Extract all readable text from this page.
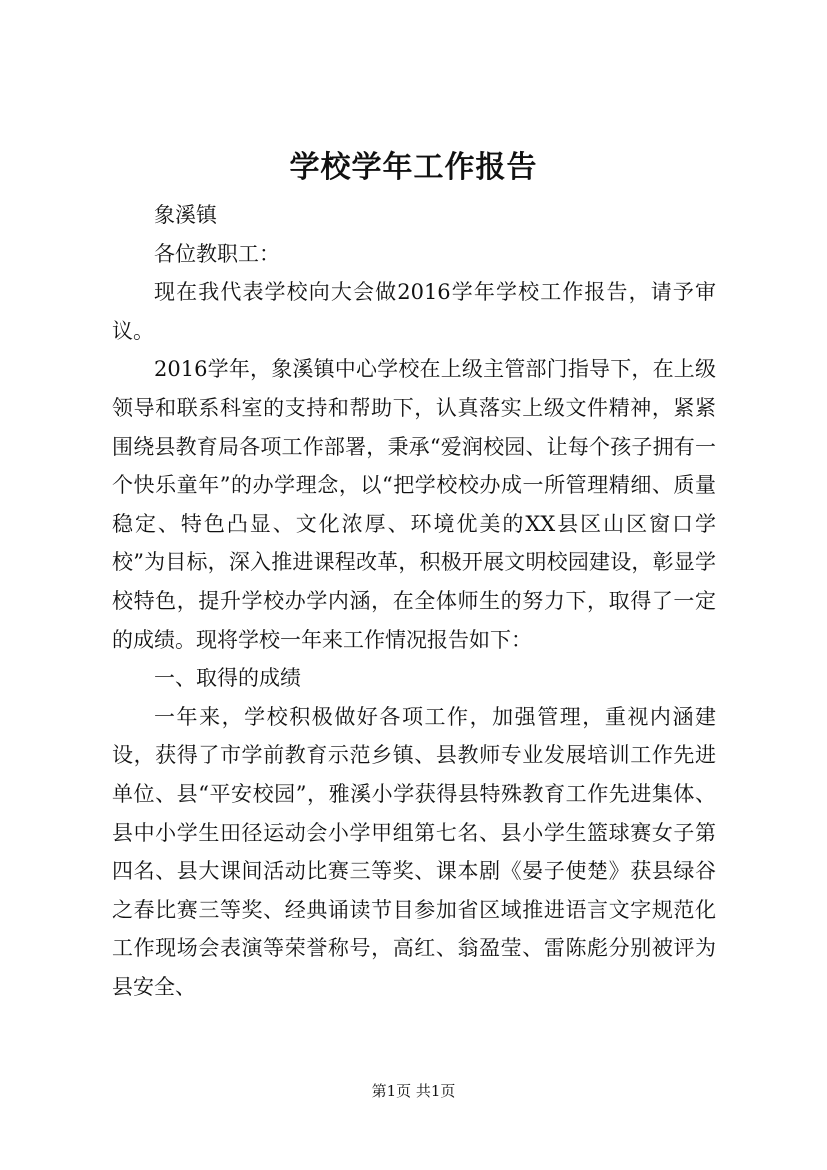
学校学年工作报告

象溪镇

各位教职工：

现在我代表学校向大会做2016学年学校工作报告，请予审议。

2016学年，象溪镇中心学校在上级主管部门指导下，在上级领导和联系科室的支持和帮助下，认真落实上级文件精神，紧紧围绕县教育局各项工作部署，秉承“爱润校园、让每个孩子拥有一个快乐童年”的办学理念，以“把学校校办成一所管理精细、质量稳定、特色凸显、文化浓厚、环境优美的XX县区山区窗口学校”为目标，深入推进课程改革，积极开展文明校园建设，彰显学校特色，提升学校办学内涵，在全体师生的努力下，取得了一定的成绩。现将学校一年来工作情况报告如下：

一、取得的成绩

一年来，学校积极做好各项工作，加强管理，重视内涵建设，获得了市学前教育示范乡镇、县教师专业发展培训工作先进单位、县“平安校园”，雅溪小学获得县特殊教育工作先进集体、县中小学生田径运动会小学甲组第七名、县小学生篮球赛女子第四名、县大课间活动比赛三等奖、课本剧《晏子使楚》获县绿谷之春比赛三等奖、经典诵读节目参加省区域推进语言文字规范化工作现场会表演等荣誉称号，高红、翁盈莹、雷陈彪分别被评为县安全、

第1页 共1页
